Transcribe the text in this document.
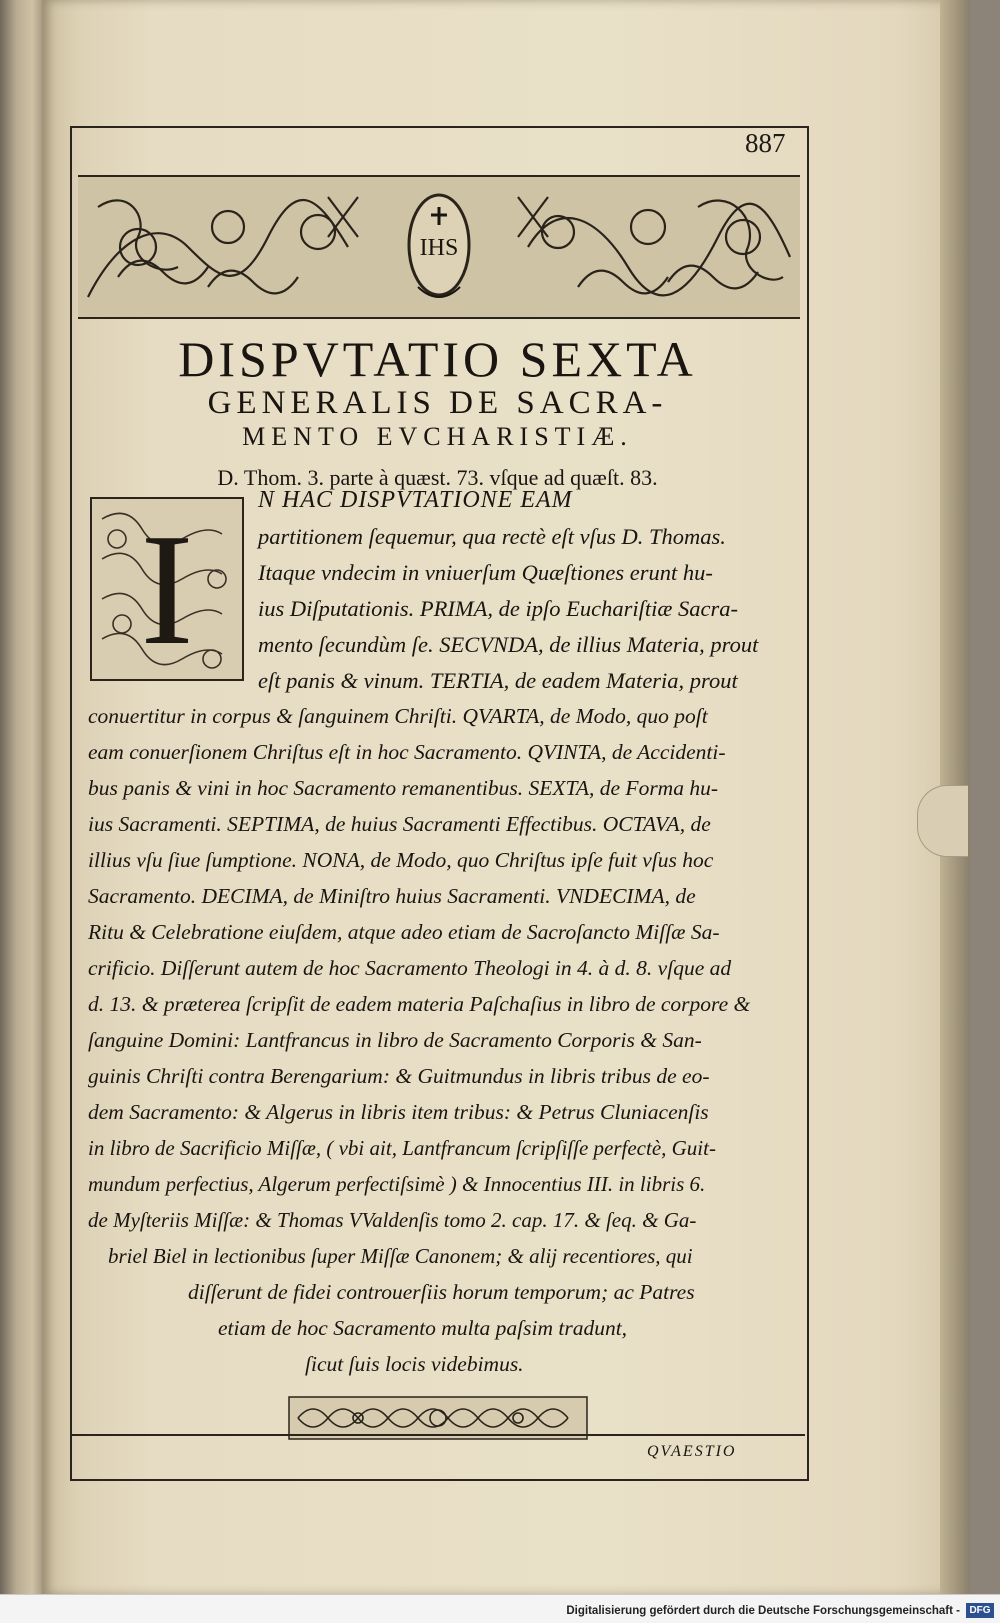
887
IHS
DISPVTATIO SEXTA
GENERALIS DE SACRA-
MENTO EVCHARISTIÆ.
D. Thom. 3. parte à quæst. 73. vſque ad quæſt. 83.
I	N HAC DISPVTATIONE EAM

partitionem ſequemur, qua rectè eſt vſus D. Thomas.

Itaque vndecim in vniuerſum Quæſtiones erunt hu-

ius Diſputationis. PRIMA, de ipſo Euchariſtiæ Sacra-

mento ſecundùm ſe. SECVNDA, de illius Materia, prout

eſt panis & vinum. TERTIA, de eadem Materia, prout

conuertitur in corpus & ſanguinem Chriſti. QVARTA, de Modo, quo poſt

eam conuerſionem Chriſtus eſt in hoc Sacramento. QVINTA, de Accidenti-

bus panis & vini in hoc Sacramento remanentibus. SEXTA, de Forma hu-

ius Sacramenti. SEPTIMA, de huius Sacramenti Effectibus. OCTAVA, de

illius vſu ſiue ſumptione. NONA, de Modo, quo Chriſtus ipſe fuit vſus hoc

Sacramento. DECIMA, de Miniſtro huius Sacramenti. VNDECIMA, de

Ritu & Celebratione eiuſdem, atque adeo etiam de Sacroſancto Miſſæ Sa-

crificio. Diſſerunt autem de hoc Sacramento Theologi in 4. à d. 8. vſque ad

d. 13. & præterea ſcripſit de eadem materia Paſchaſius in libro de corpore &

ſanguine Domini: Lantfrancus in libro de Sacramento Corporis & San-

guinis Chriſti contra Berengarium: & Guitmundus in libris tribus de eo-

dem Sacramento: & Algerus in libris item tribus: & Petrus Cluniacenſis

in libro de Sacrificio Miſſæ, ( vbi ait, Lantfrancum ſcripſiſſe perfectè, Guit-

mundum perfectius, Algerum perfectiſsimè ) & Innocentius III. in libris 6.

de Myſteriis Miſſæ: & Thomas VValdenſis tomo 2. cap. 17. & ſeq. & Ga-

briel Biel in lectionibus ſuper Miſſæ Canonem; & alij recentiores, qui

diſſerunt de fidei controuerſiis horum temporum; ac Patres

etiam de hoc Sacramento multa paſsim tradunt,

ſicut ſuis locis videbimus.

QVAESTIO
Digitalisierung gefördert durch die Deutsche Forschungsgemeinschaft - DFG
